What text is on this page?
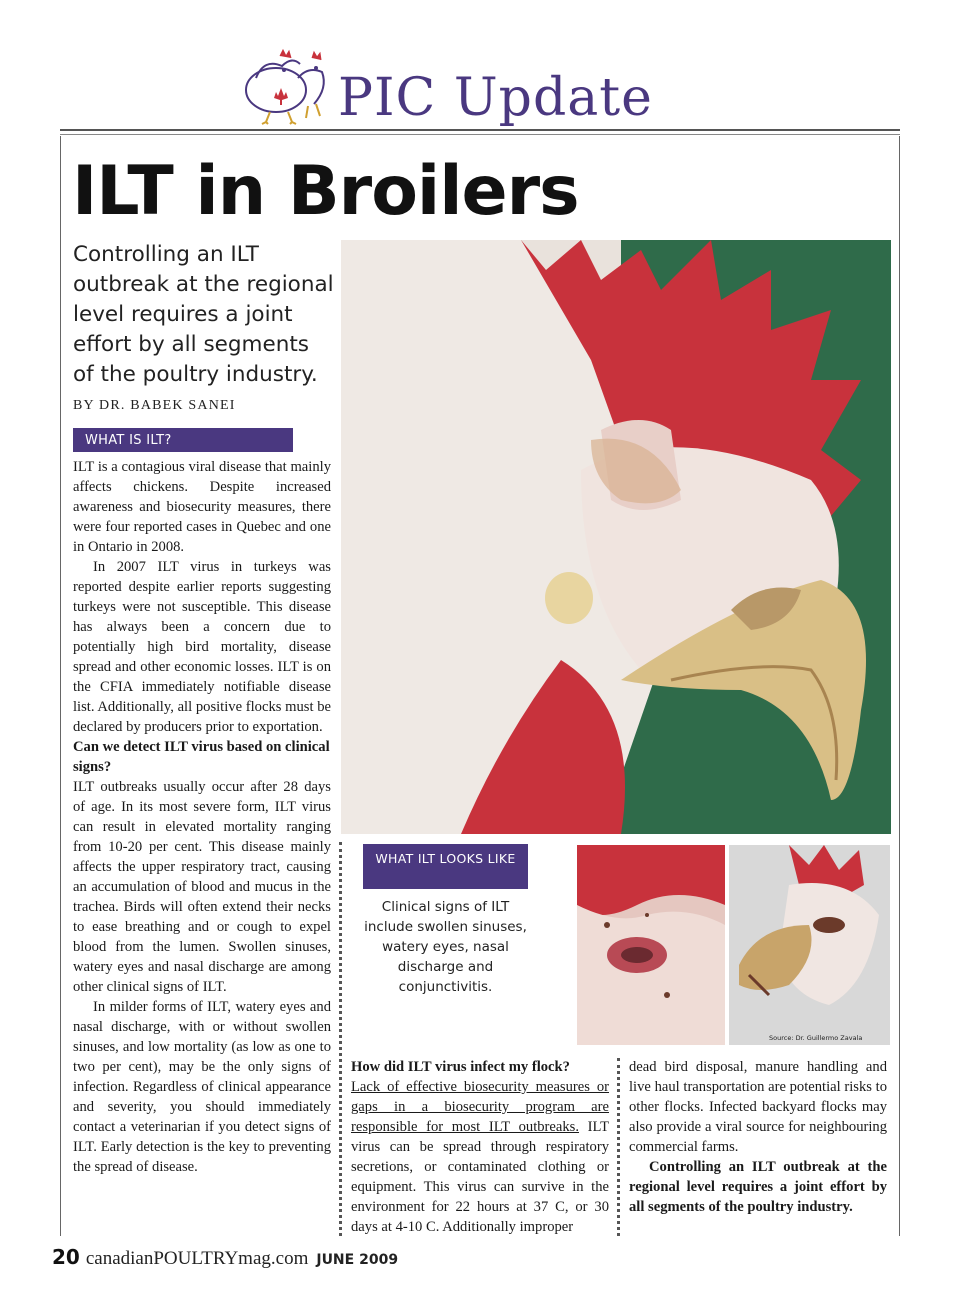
PIC Update
ILT in Broilers
Controlling an ILT outbreak at the regional level requires a joint effort by all segments of the poultry industry.
BY DR. BABEK SANEI
WHAT IS ILT?

ILT is a contagious viral disease that mainly affects chickens. Despite increased awareness and biosecurity measures, there were four reported cases in Quebec and one in Ontario in 2008.

In 2007 ILT virus in turkeys was reported despite earlier reports suggesting turkeys were not susceptible. This disease has always been a concern due to potentially high bird mortality, disease spread and other economic losses. ILT is on the CFIA immediately notifiable disease list. Additionally, all positive flocks must be declared by producers prior to exportation.

Can we detect ILT virus based on clinical signs?

ILT outbreaks usually occur after 28 days of age. In its most severe form, ILT virus can result in elevated mortality ranging from 10-20 per cent. This disease mainly affects the upper respiratory tract, causing an accumulation of blood and mucus in the trachea. Birds will often extend their necks to ease breathing and or cough to expel blood from the lumen. Swollen sinuses, watery eyes and nasal discharge are among other clinical signs of ILT.

In milder forms of ILT, watery eyes and nasal discharge, with or without swollen sinuses, and low mortality (as low as one to two per cent), may be the only signs of infection. Regardless of clinical appearance and severity, you should immediately contact a veterinarian if you detect signs of ILT. Early detection is the key to preventing the spread of disease.

WHAT ILT LOOKS LIKE
Clinical signs of ILT include swollen sinuses, watery eyes, nasal discharge and conjunctivitis.
Source: Dr. Guillermo Zavala

How did ILT virus infect my flock?

Lack of effective biosecurity measures or gaps in a biosecurity program are responsible for most ILT outbreaks. ILT virus can be spread through respiratory secretions, or contaminated clothing or equipment. This virus can survive in the environment for 22 hours at 37 C, or 30 days at 4-10 C. Additionally improper

dead bird disposal, manure handling and live haul transportation are potential risks to other flocks. Infected backyard flocks may also provide a viral source for neighbouring commercial farms.

Controlling an ILT outbreak at the regional level requires a joint effort by all segments of the poultry industry.

20 canadianPOULTRYmag.com JUNE 2009
